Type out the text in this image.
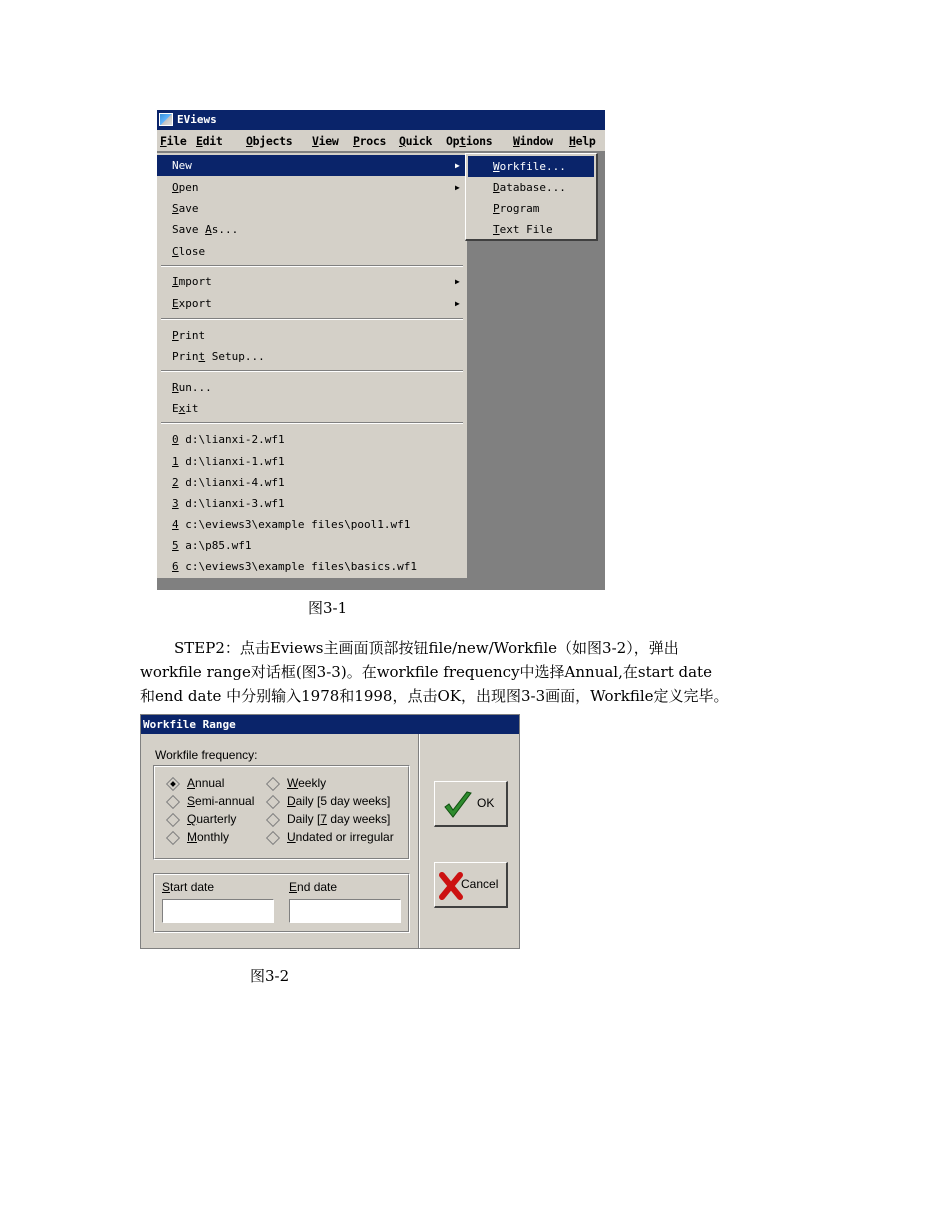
EViews
File Edit Objects View Procs Quick Options Window Help
New	▶
Open	▶
Save
Save As...
Close
Import	▶
Export	▶
Print
Print Setup...
Run...
Exit
0 d:\lianxi-2.wf1
1 d:\lianxi-1.wf1
2 d:\lianxi-4.wf1
3 d:\lianxi-3.wf1
4 c:\eviews3\example files\pool1.wf1
5 a:\p85.wf1
6 c:\eviews3\example files\basics.wf1
Workfile...
Database...
Program
Text File
图3-1
STEP2：点击Eviews主画面顶部按钮file/new/Workfile（如图3-2），弹出
workfile range对话框(图3-3)。在workfile frequency中选择Annual,在start date
和end date 中分别输入1978和1998，点击OK，出现图3-3画面，Workfile定义完毕。
Workfile Range
Workfile frequency:
Annual
Semi-annual
Quarterly
Monthly
Weekly
Daily [5 day weeks]
Daily [7 day weeks]
Undated or irregular
Start date	End date
OK
Cancel
图3-2
